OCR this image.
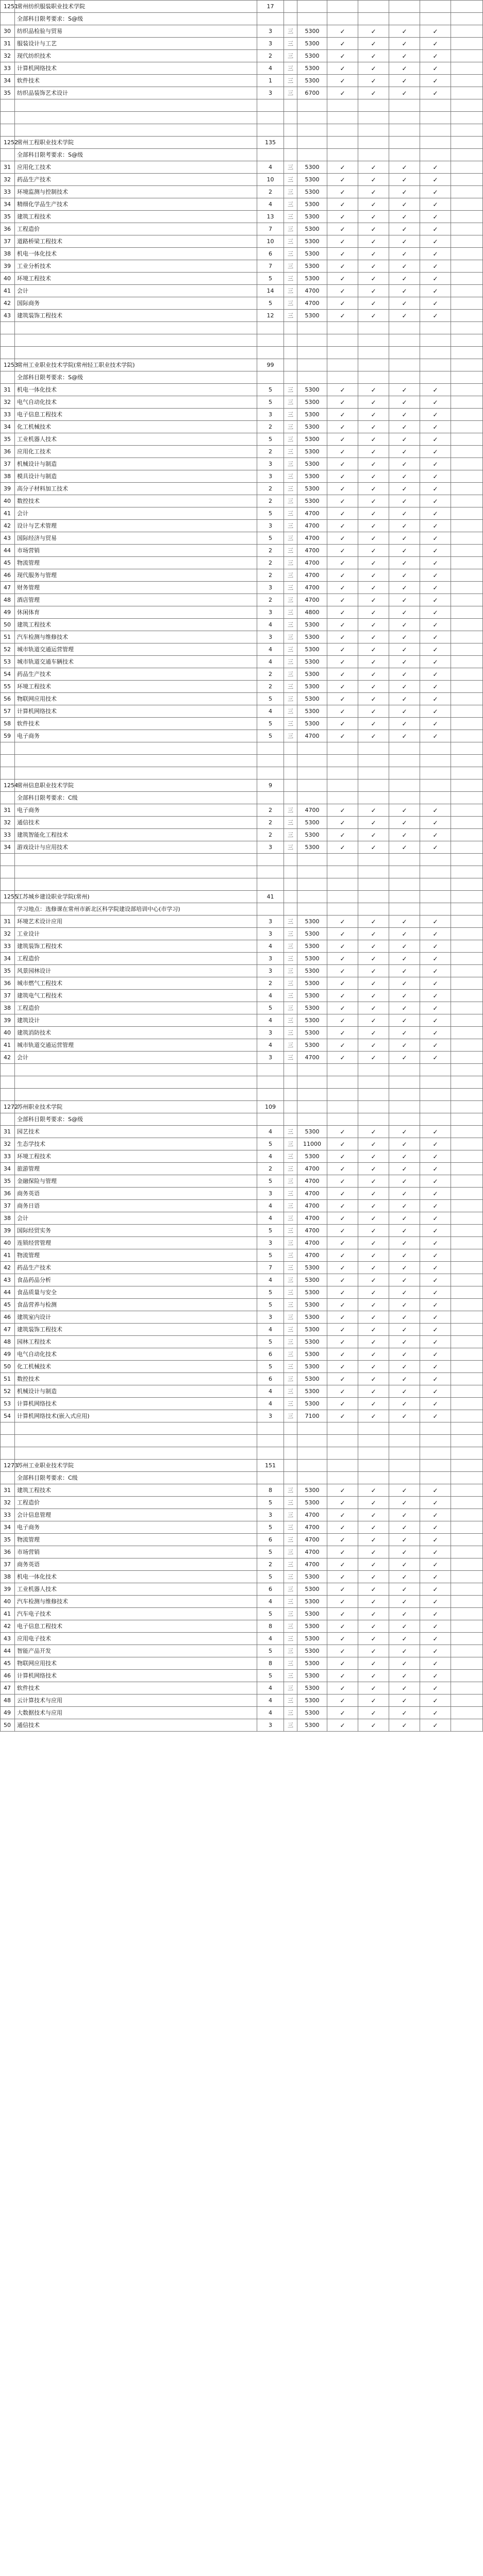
1251	常州纺织服装职业技术学院	17							
	全部科目限考要求：S@级								
30	纺织品检验与贸易	3	三	5300	✓	✓	✓	✓	
31	服装设计与工艺	3	三	5300	✓	✓	✓	✓	
32	现代纺织技术	2	三	5300	✓	✓	✓	✓	
33	计算机网络技术	4	三	5300	✓	✓	✓	✓	
34	软件技术	1	三	5300	✓	✓	✓	✓	
35	纺织品装饰艺术设计	3	三	6700	✓	✓	✓	✓	

1252	常州工程职业技术学院	135							
	全部科目限考要求：S@级								
31	应用化工技术	4	三	5300	✓	✓	✓	✓	
32	药品生产技术	10	三	5300	✓	✓	✓	✓	
33	环境监测与控制技术	2	三	5300	✓	✓	✓	✓	
34	精细化学品生产技术	4	三	5300	✓	✓	✓	✓	
35	建筑工程技术	13	三	5300	✓	✓	✓	✓	
36	工程造价	7	三	5300	✓	✓	✓	✓	
37	道路桥梁工程技术	10	三	5300	✓	✓	✓	✓	
38	机电一体化技术	6	三	5300	✓	✓	✓	✓	
39	工业分析技术	7	三	5300	✓	✓	✓	✓	
40	环境工程技术	5	三	5300	✓	✓	✓	✓	
41	会计	14	三	4700	✓	✓	✓	✓	
42	国际商务	5	三	4700	✓	✓	✓	✓	
43	建筑装饰工程技术	12	三	5300	✓	✓	✓	✓	

1253	常州工业职业技术学院(常州轻工职业技术学院)	99							
	全部科目限考要求：S@级								
31	机电一体化技术	5	三	5300	✓	✓	✓	✓	
32	电气自动化技术	5	三	5300	✓	✓	✓	✓	
33	电子信息工程技术	3	三	5300	✓	✓	✓	✓	
34	化工机械技术	2	三	5300	✓	✓	✓	✓	
35	工业机器人技术	5	三	5300	✓	✓	✓	✓	
36	应用化工技术	2	三	5300	✓	✓	✓	✓	
37	机械设计与制造	3	三	5300	✓	✓	✓	✓	
38	模具设计与制造	3	三	5300	✓	✓	✓	✓	
39	高分子材料加工技术	2	三	5300	✓	✓	✓	✓	
40	数控技术	2	三	5300	✓	✓	✓	✓	
41	会计	5	三	4700	✓	✓	✓	✓	
42	设计与艺术管理	3	三	4700	✓	✓	✓	✓	
43	国际经济与贸易	5	三	4700	✓	✓	✓	✓	
44	市场营销	2	三	4700	✓	✓	✓	✓	
45	物流管理	2	三	4700	✓	✓	✓	✓	
46	现代服务与管理	2	三	4700	✓	✓	✓	✓	
47	财务管理	3	三	4700	✓	✓	✓	✓	
48	酒店管理	2	三	4700	✓	✓	✓	✓	
49	休闲体育	3	三	4800	✓	✓	✓	✓	
50	建筑工程技术	4	三	5300	✓	✓	✓	✓	
51	汽车检测与维修技术	3	三	5300	✓	✓	✓	✓	
52	城市轨道交通运营管理	4	三	5300	✓	✓	✓	✓	
53	城市轨道交通车辆技术	4	三	5300	✓	✓	✓	✓	
54	药品生产技术	2	三	5300	✓	✓	✓	✓	
55	环境工程技术	2	三	5300	✓	✓	✓	✓	
56	物联网应用技术	5	三	5300	✓	✓	✓	✓	
57	计算机网络技术	4	三	5300	✓	✓	✓	✓	
58	软件技术	5	三	5300	✓	✓	✓	✓	
59	电子商务	5	三	4700	✓	✓	✓	✓	

1254	常州信息职业技术学院	9							
	全部科目限考要求：C级								
31	电子商务	2	三	4700	✓	✓	✓	✓	
32	通信技术	2	三	5300	✓	✓	✓	✓	
33	建筑智能化工程技术	2	三	5300	✓	✓	✓	✓	
34	游戏设计与应用技术	3	三	5300	✓	✓	✓	✓	

1255	江苏城乡建设职业学院(常州)	41							
	学习地点：选修课在常州市新北区科学院建设部培训中心(市学习)								
31	环境艺术设计应用	3	三	5300	✓	✓	✓	✓	
32	工业设计	3	三	5300	✓	✓	✓	✓	
33	建筑装饰工程技术	4	三	5300	✓	✓	✓	✓	
34	工程造价	3	三	5300	✓	✓	✓	✓	
35	风景园林设计	3	三	5300	✓	✓	✓	✓	
36	城市燃气工程技术	2	三	5300	✓	✓	✓	✓	
37	建筑电气工程技术	4	三	5300	✓	✓	✓	✓	
38	工程造价	5	三	5300	✓	✓	✓	✓	
39	建筑设计	4	三	5300	✓	✓	✓	✓	
40	建筑消防技术	3	三	5300	✓	✓	✓	✓	
41	城市轨道交通运营管理	4	三	5300	✓	✓	✓	✓	
42	会计	3	三	4700	✓	✓	✓	✓	

1272	苏州职业技术学院	109							
	全部科目限考要求：S@级								
31	园艺技术	4	三	5300	✓	✓	✓	✓	
32	生态学技术	5	三	11000	✓	✓	✓	✓	
33	环境工程技术	4	三	5300	✓	✓	✓	✓	
34	旅游管理	2	三	4700	✓	✓	✓	✓	
35	金融保险与管理	5	三	4700	✓	✓	✓	✓	
36	商务英语	3	三	4700	✓	✓	✓	✓	
37	商务日语	4	三	4700	✓	✓	✓	✓	
38	会计	4	三	4700	✓	✓	✓	✓	
39	国际经贸实务	5	三	4700	✓	✓	✓	✓	
40	连锁经营管理	3	三	4700	✓	✓	✓	✓	
41	物流管理	5	三	4700	✓	✓	✓	✓	
42	药品生产技术	7	三	5300	✓	✓	✓	✓	
43	食品药品分析	4	三	5300	✓	✓	✓	✓	
44	食品质量与安全	5	三	5300	✓	✓	✓	✓	
45	食品营养与检测	5	三	5300	✓	✓	✓	✓	
46	建筑室内设计	3	三	5300	✓	✓	✓	✓	
47	建筑装饰工程技术	4	三	5300	✓	✓	✓	✓	
48	园林工程技术	5	三	5300	✓	✓	✓	✓	
49	电气自动化技术	6	三	5300	✓	✓	✓	✓	
50	化工机械技术	5	三	5300	✓	✓	✓	✓	
51	数控技术	6	三	5300	✓	✓	✓	✓	
52	机械设计与制造	4	三	5300	✓	✓	✓	✓	
53	计算机网络技术	4	三	5300	✓	✓	✓	✓	
54	计算机网络技术(嵌入式应用)	3	三	7100	✓	✓	✓	✓	

1273	苏州工业职业技术学院	151							
	全部科目限考要求：C级								
31	建筑工程技术	8	三	5300	✓	✓	✓	✓	
32	工程造价	5	三	5300	✓	✓	✓	✓	
33	会计信息管理	3	三	4700	✓	✓	✓	✓	
34	电子商务	5	三	4700	✓	✓	✓	✓	
35	物流管理	6	三	4700	✓	✓	✓	✓	
36	市场营销	5	三	4700	✓	✓	✓	✓	
37	商务英语	2	三	4700	✓	✓	✓	✓	
38	机电一体化技术	5	三	5300	✓	✓	✓	✓	
39	工业机器人技术	6	三	5300	✓	✓	✓	✓	
40	汽车检测与维修技术	4	三	5300	✓	✓	✓	✓	
41	汽车电子技术	5	三	5300	✓	✓	✓	✓	
42	电子信息工程技术	8	三	5300	✓	✓	✓	✓	
43	应用电子技术	4	三	5300	✓	✓	✓	✓	
44	智能产品开发	5	三	5300	✓	✓	✓	✓	
45	物联网应用技术	8	三	5300	✓	✓	✓	✓	
46	计算机网络技术	5	三	5300	✓	✓	✓	✓	
47	软件技术	4	三	5300	✓	✓	✓	✓	
48	云计算技术与应用	4	三	5300	✓	✓	✓	✓	
49	大数据技术与应用	4	三	5300	✓	✓	✓	✓	
50	通信技术	3	三	5300	✓	✓	✓	✓	
